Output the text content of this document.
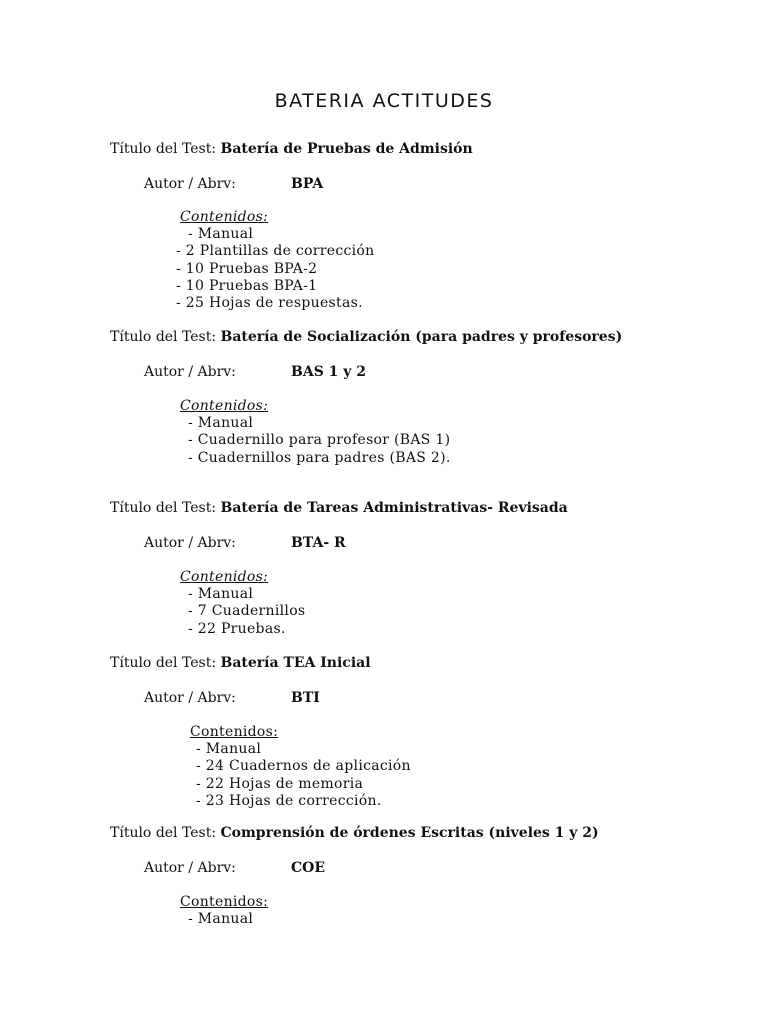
BATERIA ACTITUDES
Título del Test: Batería de Pruebas de Admisión
Autor / Abrv:	BPA
Contenidos:
- Manual
- 2 Plantillas de corrección
- 10 Pruebas BPA-2
- 10 Pruebas BPA-1
- 25 Hojas de respuestas.
Título del Test: Batería de Socialización (para padres y profesores)
Autor / Abrv:	BAS 1 y 2
Contenidos:
- Manual
- Cuadernillo para profesor (BAS 1)
- Cuadernillos para padres (BAS 2).
Título del Test: Batería de Tareas Administrativas- Revisada
Autor / Abrv:	BTA- R
Contenidos:
- Manual
- 7 Cuadernillos
- 22 Pruebas.
Título del Test: Batería TEA Inicial
Autor / Abrv:	BTI
Contenidos:
- Manual
- 24 Cuadernos de aplicación
- 22 Hojas de memoria
- 23 Hojas de corrección.
Título del Test: Comprensión de órdenes Escritas (niveles 1 y 2)
Autor / Abrv:	COE
Contenidos:
- Manual
